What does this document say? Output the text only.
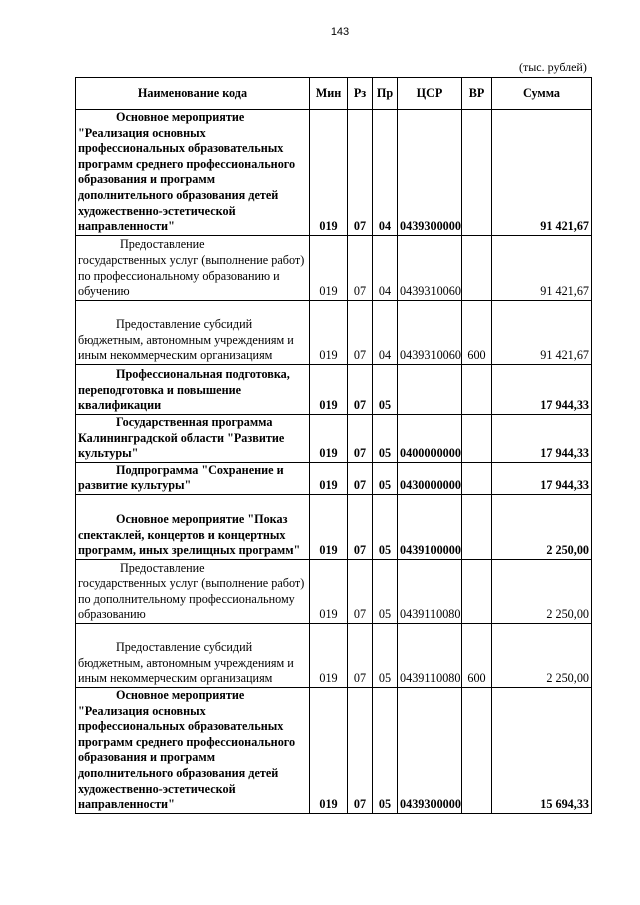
143
(тыс. рублей)
Наименование кода	Мин	Рз	Пр	ЦСР	ВР	Сумма

Основное мероприятие
"Реализация основных профессиональных образовательных программ среднего профессионального образования и программ дополнительного образования детей художественно-эстетической направленности"	019	07	04	0439300000		91 421,67

Предоставление
государственных услуг (выполнение работ) по профессиональному образованию и обучению	019	07	04	0439310060		91 421,67

Предоставление субсидий
бюджетным, автономным учреждениям и иным некоммерческим организациям	019	07	04	0439310060	600	91 421,67

Профессиональная подготовка,
переподготовка и повышение квалификации	019	07	05			17 944,33

Государственная программа
Калининградской области "Развитие культуры"	019	07	05	0400000000		17 944,33

Подпрограмма "Сохранение и
развитие культуры"	019	07	05	0430000000		17 944,33

Основное мероприятие "Показ
спектаклей, концертов и концертных программ, иных зрелищных программ"	019	07	05	0439100000		2 250,00

Предоставление
государственных услуг (выполнение работ) по дополнительному профессиональному образованию	019	07	05	0439110080		2 250,00

Предоставление субсидий
бюджетным, автономным учреждениям и иным некоммерческим организациям	019	07	05	0439110080	600	2 250,00

Основное мероприятие
"Реализация основных профессиональных образовательных программ среднего профессионального образования и программ дополнительного образования детей художественно-эстетической направленности"	019	07	05	0439300000		15 694,33
